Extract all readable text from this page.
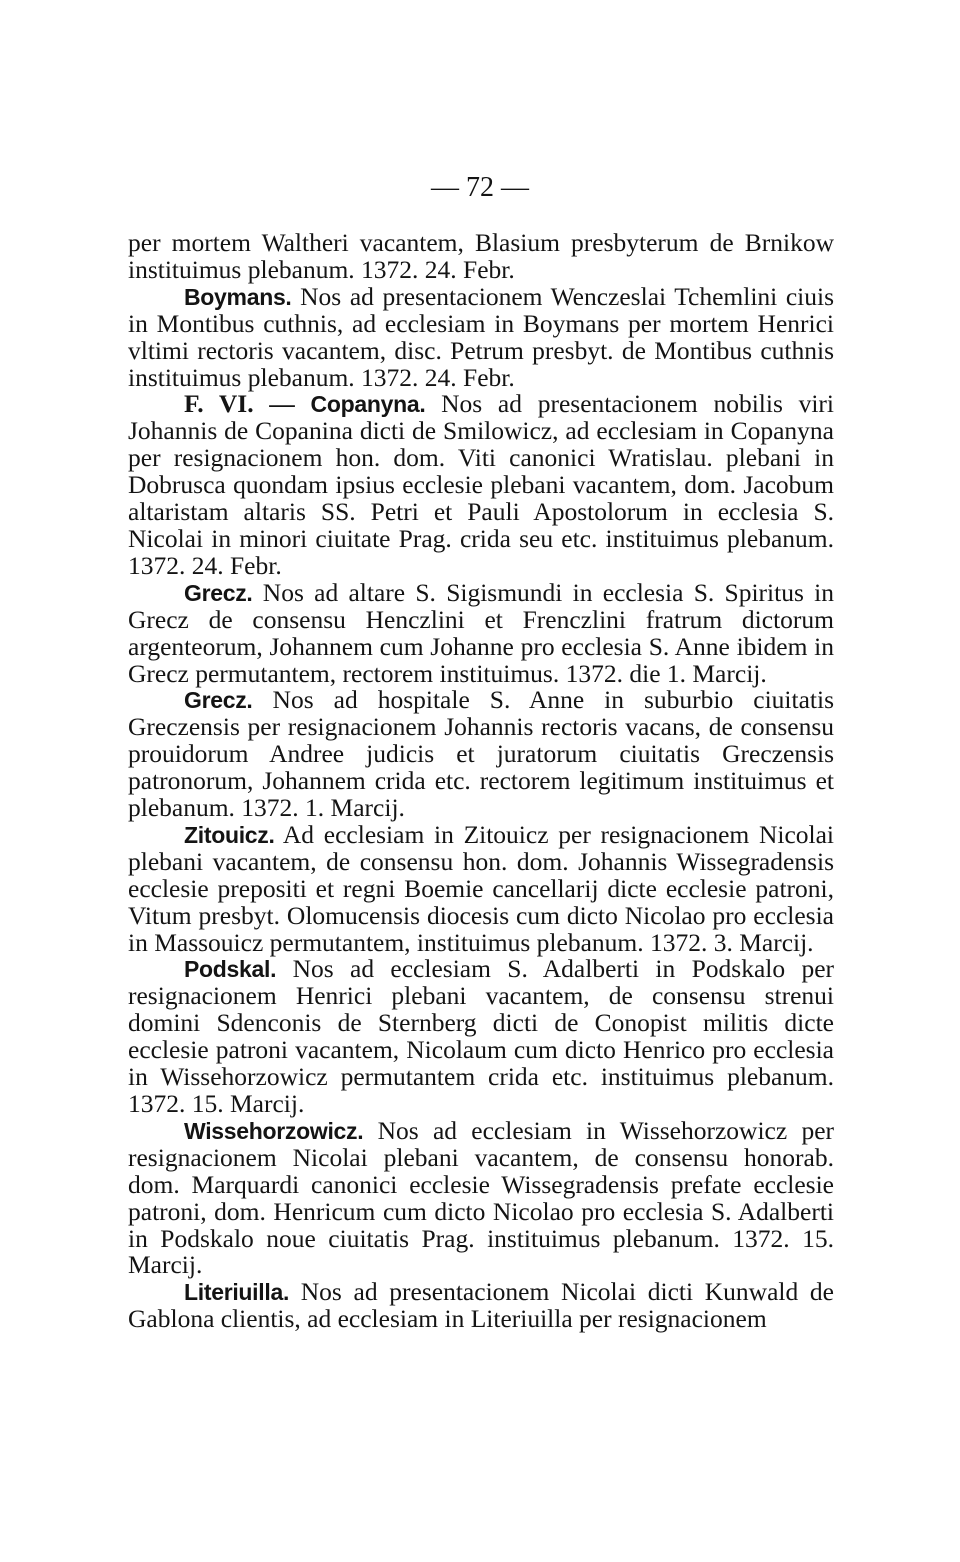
— 72 —

per mortem Waltheri vacantem, Blasium presbyterum de Brnikow instituimus plebanum. 1372. 24. Febr.

Boymans. Nos ad presentacionem Wenczeslai Tchemlini ciuis in Montibus cuthnis, ad ecclesiam in Boymans per mortem Henrici vltimi rectoris vacantem, disc. Petrum presbyt. de Montibus cuthnis instituimus plebanum. 1372. 24. Febr.

F. VI. — Copanyna. Nos ad presentacionem nobilis viri Johannis de Copanina dicti de Smilowicz, ad ecclesiam in Copanyna per resignacionem hon. dom. Viti canonici Wratislau. plebani in Dobrusca quondam ipsius ecclesie plebani vacantem, dom. Jacobum altaristam altaris SS. Petri et Pauli Apostolorum in ecclesia S. Nicolai in minori ciuitate Prag. crida seu etc. instituimus plebanum. 1372. 24. Febr.

Grecz. Nos ad altare S. Sigismundi in ecclesia S. Spiritus in Grecz de consensu Henczlini et Frenczlini fratrum dictorum argenteorum, Johannem cum Johanne pro ecclesia S. Anne ibidem in Grecz permutantem, rectorem instituimus. 1372. die 1. Marcij.

Grecz. Nos ad hospitale S. Anne in suburbio ciuitatis Greczensis per resignacionem Johannis rectoris vacans, de consensu prouidorum Andree judicis et juratorum ciuitatis Greczensis patronorum, Johannem crida etc. rectorem legitimum instituimus et plebanum. 1372. 1. Marcij.

Zitouicz. Ad ecclesiam in Zitouicz per resignacionem Nicolai plebani vacantem, de consensu hon. dom. Johannis Wissegradensis ecclesie prepositi et regni Boemie cancellarij dicte ecclesie patroni, Vitum presbyt. Olomucensis diocesis cum dicto Nicolao pro ecclesia in Massouicz permutantem, instituimus plebanum. 1372. 3. Marcij.

Podskal. Nos ad ecclesiam S. Adalberti in Podskalo per resignacionem Henrici plebani vacantem, de consensu strenui domini Sdenconis de Sternberg dicti de Conopist militis dicte ecclesie patroni vacantem, Nicolaum cum dicto Henrico pro ecclesia in Wissehorzowicz permutantem crida etc. instituimus plebanum. 1372. 15. Marcij.

Wissehorzowicz. Nos ad ecclesiam in Wissehorzowicz per resignacionem Nicolai plebani vacantem, de consensu honorab. dom. Marquardi canonici ecclesie Wissegradensis prefate ecclesie patroni, dom. Henricum cum dicto Nicolao pro ecclesia S. Adalberti in Podskalo noue ciuitatis Prag. instituimus plebanum. 1372. 15. Marcij.

Literiuilla. Nos ad presentacionem Nicolai dicti Kunwald de Gablona clientis, ad ecclesiam in Literiuilla per resignacionem
